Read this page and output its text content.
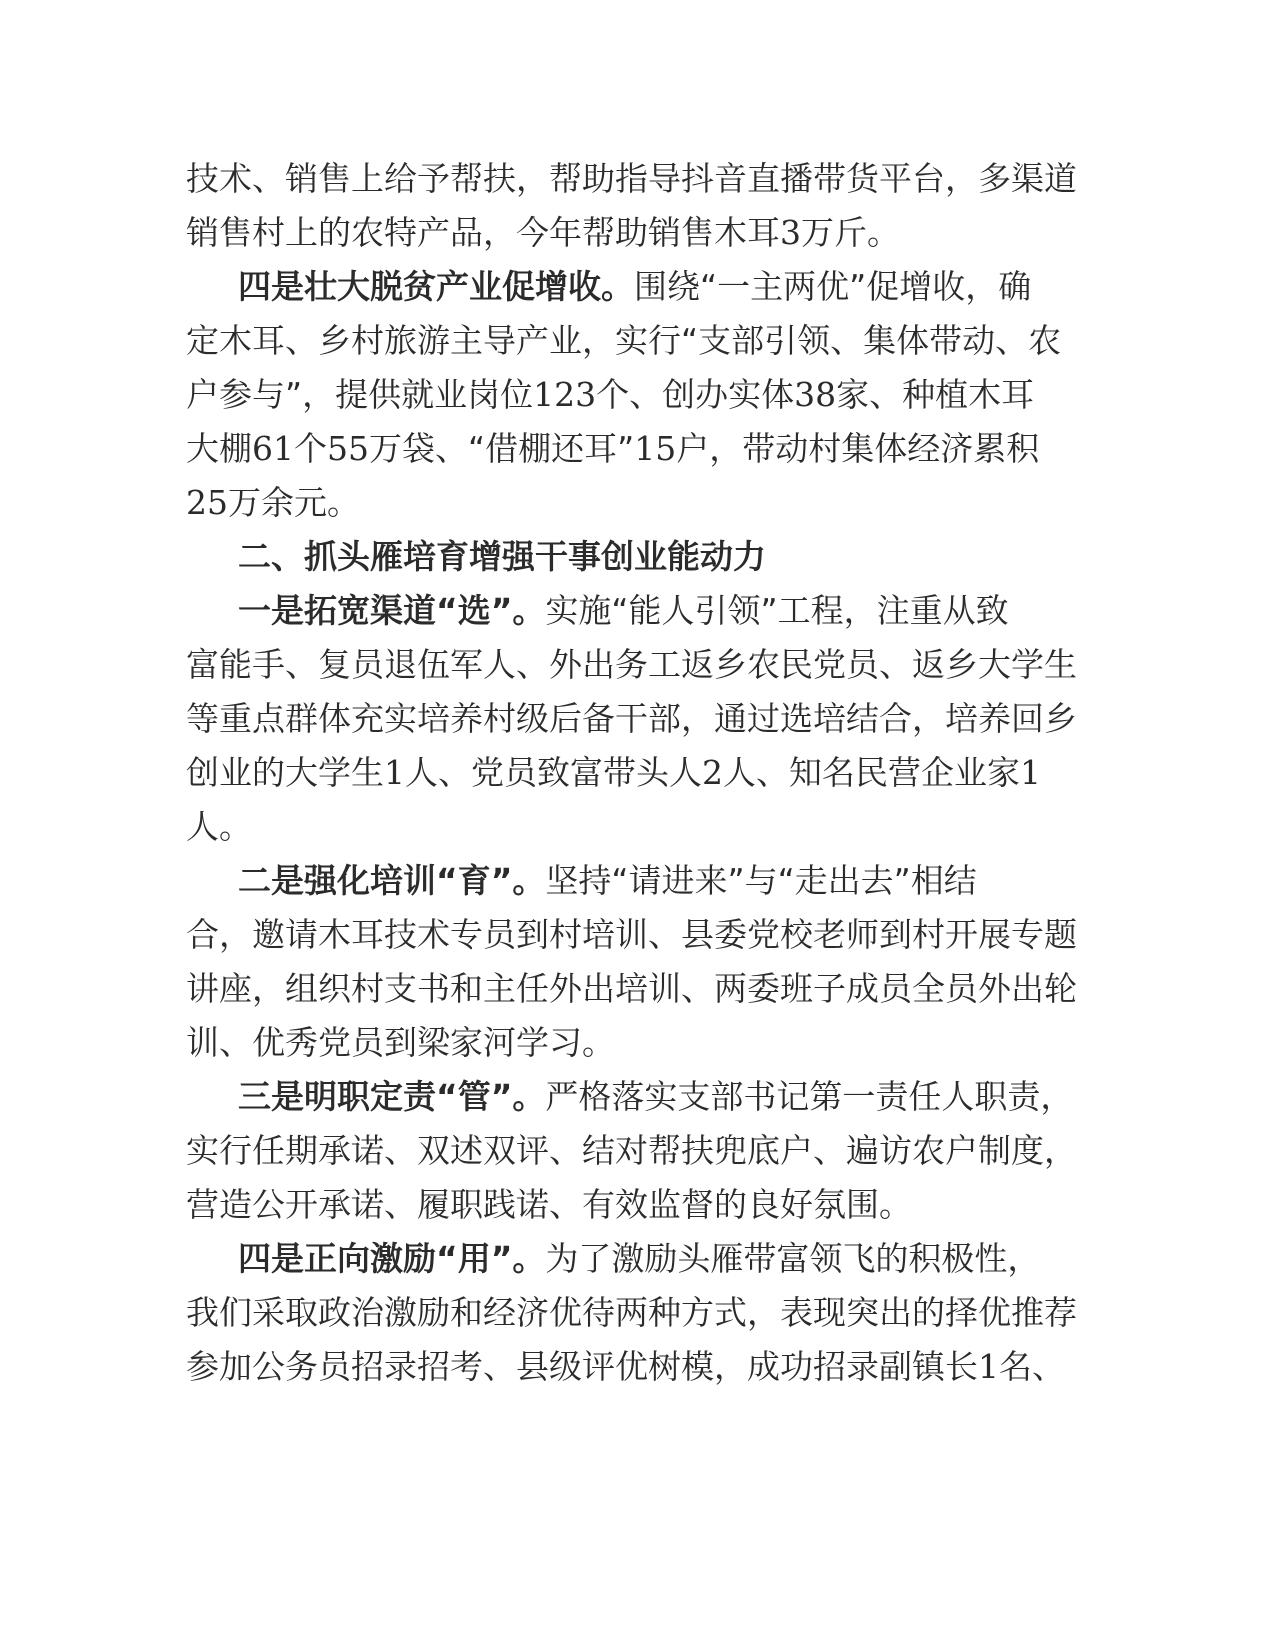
技术、销售上给予帮扶，帮助指导抖音直播带货平台，多渠道
销售村上的农特产品，今年帮助销售木耳3万斤。
四是壮大脱贫产业促增收。围绕“一主两优”促增收，确
定木耳、乡村旅游主导产业，实行“支部引领、集体带动、农
户参与”，提供就业岗位123个、创办实体38家、种植木耳
大棚61个55万袋、“借棚还耳”15户，带动村集体经济累积
25万余元。
二、抓头雁培育增强干事创业能动力
一是拓宽渠道“选”。实施“能人引领”工程，注重从致
富能手、复员退伍军人、外出务工返乡农民党员、返乡大学生
等重点群体充实培养村级后备干部，通过选培结合，培养回乡
创业的大学生1人、党员致富带头人2人、知名民营企业家1
人。
二是强化培训“育”。坚持“请进来”与“走出去”相结
合，邀请木耳技术专员到村培训、县委党校老师到村开展专题
讲座，组织村支书和主任外出培训、两委班子成员全员外出轮
训、优秀党员到梁家河学习。
三是明职定责“管”。严格落实支部书记第一责任人职责，
实行任期承诺、双述双评、结对帮扶兜底户、遍访农户制度，
营造公开承诺、履职践诺、有效监督的良好氛围。
四是正向激励“用”。为了激励头雁带富领飞的积极性，
我们采取政治激励和经济优待两种方式，表现突出的择优推荐
参加公务员招录招考、县级评优树模，成功招录副镇长1名、
